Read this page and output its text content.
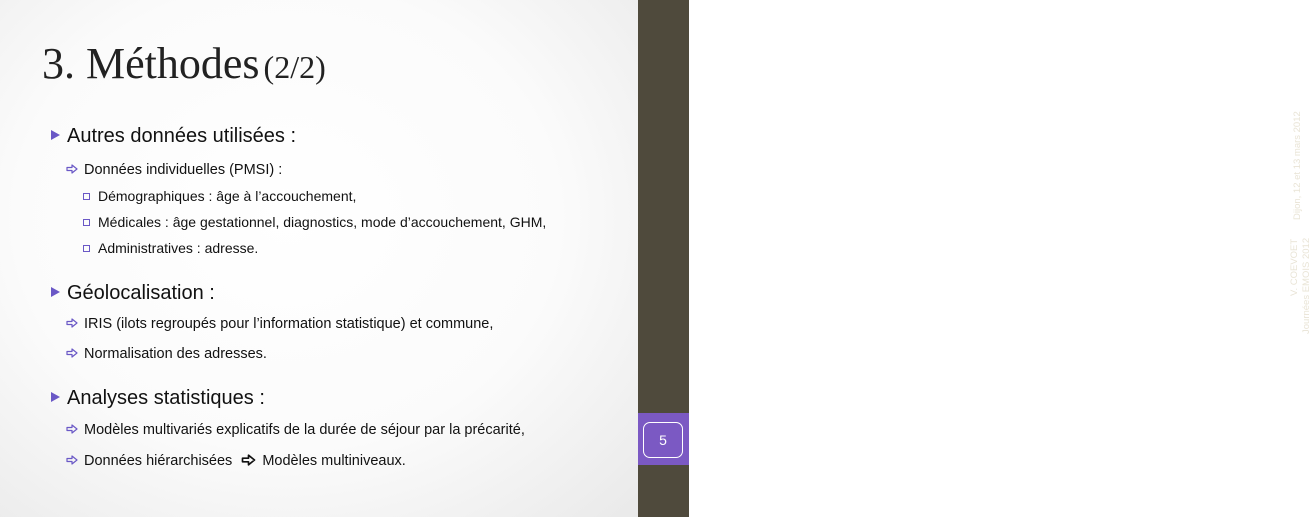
3. Méthodes (2/2)
Autres données utilisées :
Données individuelles (PMSI) :
Démographiques : âge à l’accouchement,
Médicales : âge gestationnel, diagnostics, mode d’accouchement, GHM,
Administratives : adresse.
Géolocalisation :
IRIS (ilots regroupés pour l’information statistique) et commune,
Normalisation des adresses.
Analyses statistiques :
Modèles multivariés explicatifs de la durée de séjour par la précarité,
Données hiérarchisées Modèles multiniveaux.
Dijon, 12 et 13 mars 2012
V. COEVOET Journées EMOIS 2012
5
